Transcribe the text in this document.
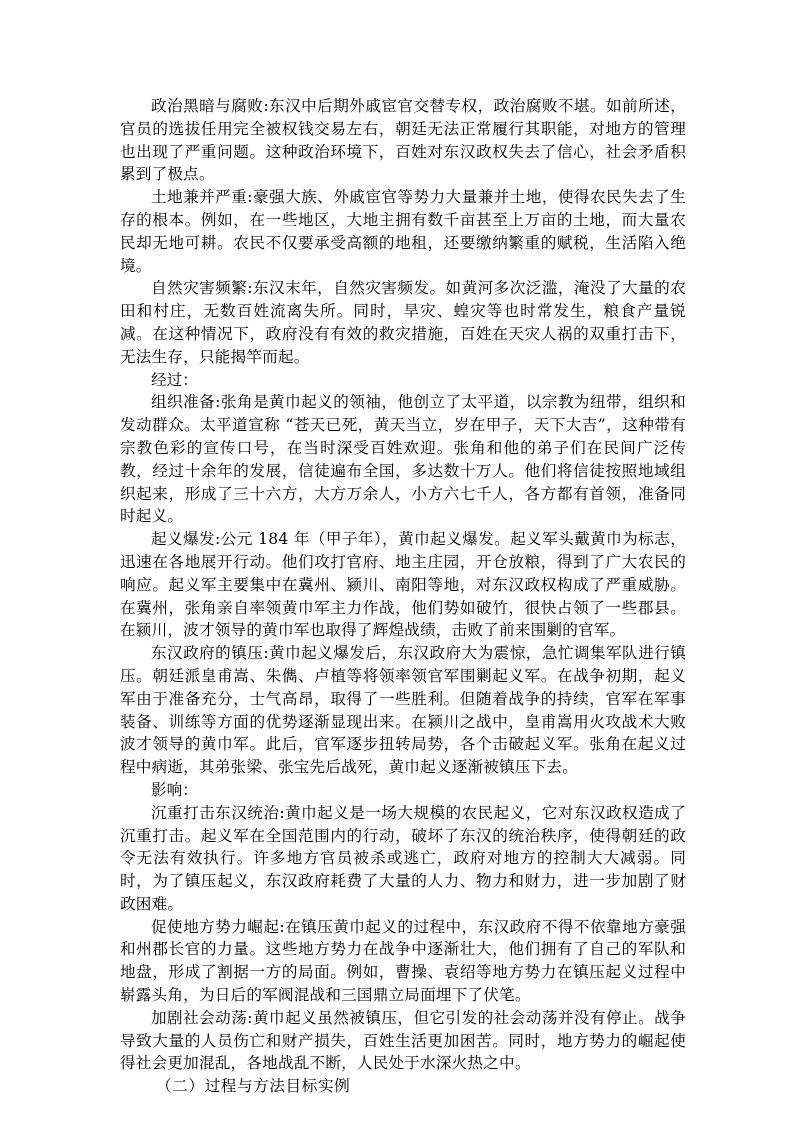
政治黑暗与腐败:东汉中后期外戚宦官交替专权，政治腐败不堪。如前所述，官员的选拔任用完全被权钱交易左右，朝廷无法正常履行其职能，对地方的管理也出现了严重问题。这种政治环境下，百姓对东汉政权失去了信心，社会矛盾积累到了极点。

土地兼并严重:豪强大族、外戚宦官等势力大量兼并土地，使得农民失去了生存的根本。例如，在一些地区，大地主拥有数千亩甚至上万亩的土地，而大量农民却无地可耕。农民不仅要承受高额的地租，还要缴纳繁重的赋税，生活陷入绝境。

自然灾害频繁:东汉末年，自然灾害频发。如黄河多次泛滥，淹没了大量的农田和村庄，无数百姓流离失所。同时，旱灾、蝗灾等也时常发生，粮食产量锐减。在这种情况下，政府没有有效的救灾措施，百姓在天灾人祸的双重打击下，无法生存，只能揭竿而起。

经过：

组织准备:张角是黄巾起义的领袖，他创立了太平道，以宗教为纽带，组织和发动群众。太平道宣称 “苍天已死，黄天当立，岁在甲子，天下大吉”，这种带有宗教色彩的宣传口号，在当时深受百姓欢迎。张角和他的弟子们在民间广泛传教，经过十余年的发展，信徒遍布全国，多达数十万人。他们将信徒按照地域组织起来，形成了三十六方，大方万余人，小方六七千人，各方都有首领，准备同时起义。

起义爆发:公元 184 年（甲子年），黄巾起义爆发。起义军头戴黄巾为标志，迅速在各地展开行动。他们攻打官府、地主庄园，开仓放粮，得到了广大农民的响应。起义军主要集中在冀州、颍川、南阳等地，对东汉政权构成了严重威胁。在冀州，张角亲自率领黄巾军主力作战，他们势如破竹，很快占领了一些郡县。在颍川，波才领导的黄巾军也取得了辉煌战绩，击败了前来围剿的官军。

东汉政府的镇压:黄巾起义爆发后，东汉政府大为震惊，急忙调集军队进行镇压。朝廷派皇甫嵩、朱儁、卢植等将领率领官军围剿起义军。在战争初期，起义军由于准备充分，士气高昂，取得了一些胜利。但随着战争的持续，官军在军事装备、训练等方面的优势逐渐显现出来。在颍川之战中，皇甫嵩用火攻战术大败波才领导的黄巾军。此后，官军逐步扭转局势，各个击破起义军。张角在起义过程中病逝，其弟张梁、张宝先后战死，黄巾起义逐渐被镇压下去。

影响：

沉重打击东汉统治:黄巾起义是一场大规模的农民起义，它对东汉政权造成了沉重打击。起义军在全国范围内的行动，破坏了东汉的统治秩序，使得朝廷的政令无法有效执行。许多地方官员被杀或逃亡，政府对地方的控制大大减弱。同时，为了镇压起义，东汉政府耗费了大量的人力、物力和财力，进一步加剧了财政困难。

促使地方势力崛起:在镇压黄巾起义的过程中，东汉政府不得不依靠地方豪强和州郡长官的力量。这些地方势力在战争中逐渐壮大，他们拥有了自己的军队和地盘，形成了割据一方的局面。例如，曹操、袁绍等地方势力在镇压起义过程中崭露头角，为日后的军阀混战和三国鼎立局面埋下了伏笔。

加剧社会动荡:黄巾起义虽然被镇压，但它引发的社会动荡并没有停止。战争导致大量的人员伤亡和财产损失，百姓生活更加困苦。同时，地方势力的崛起使得社会更加混乱，各地战乱不断，人民处于水深火热之中。

（二）过程与方法目标实例
